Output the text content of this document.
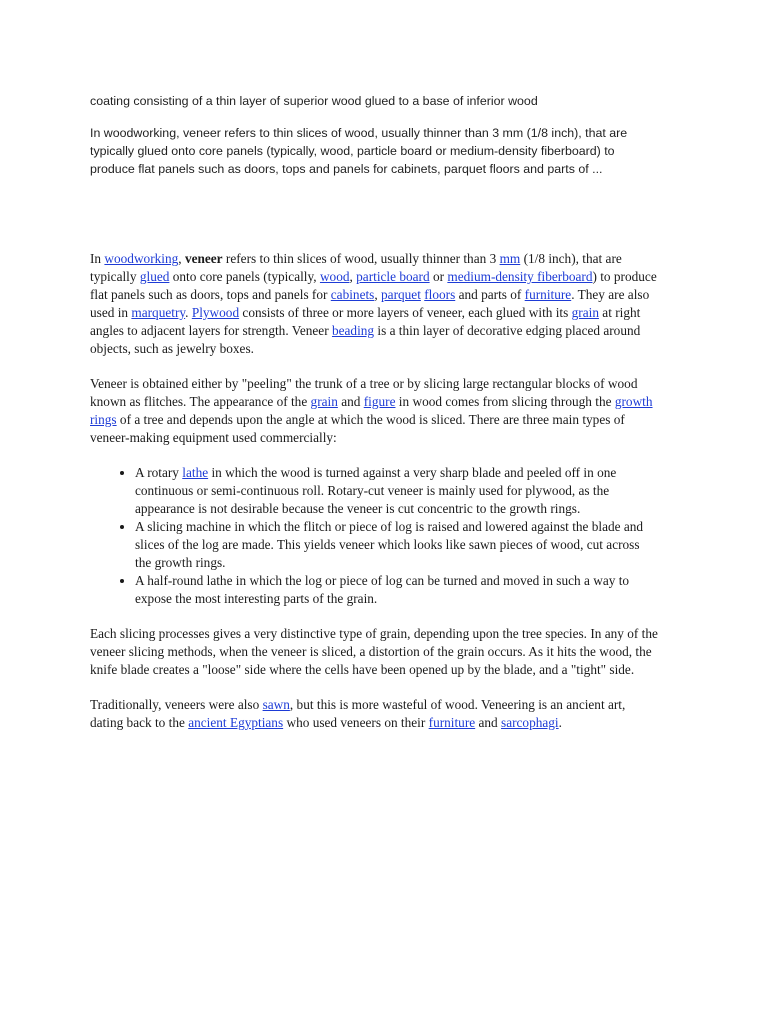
coating consisting of a thin layer of superior wood glued to a base of inferior wood

In woodworking, veneer refers to thin slices of wood, usually thinner than 3 mm (1/8 inch), that are typically glued onto core panels (typically, wood, particle board or medium-density fiberboard) to produce flat panels such as doors, tops and panels for cabinets, parquet floors and parts of ...

In woodworking, veneer refers to thin slices of wood, usually thinner than 3 mm (1/8 inch), that are typically glued onto core panels (typically, wood, particle board or medium-density fiberboard) to produce flat panels such as doors, tops and panels for cabinets, parquet floors and parts of furniture. They are also used in marquetry. Plywood consists of three or more layers of veneer, each glued with its grain at right angles to adjacent layers for strength. Veneer beading is a thin layer of decorative edging placed around objects, such as jewelry boxes.

Veneer is obtained either by "peeling" the trunk of a tree or by slicing large rectangular blocks of wood known as flitches. The appearance of the grain and figure in wood comes from slicing through the growth rings of a tree and depends upon the angle at which the wood is sliced. There are three main types of veneer-making equipment used commercially:

• A rotary lathe in which the wood is turned against a very sharp blade and peeled off in one continuous or semi-continuous roll. Rotary-cut veneer is mainly used for plywood, as the appearance is not desirable because the veneer is cut concentric to the growth rings.
• A slicing machine in which the flitch or piece of log is raised and lowered against the blade and slices of the log are made. This yields veneer which looks like sawn pieces of wood, cut across the growth rings.
• A half-round lathe in which the log or piece of log can be turned and moved in such a way to expose the most interesting parts of the grain.

Each slicing processes gives a very distinctive type of grain, depending upon the tree species. In any of the veneer slicing methods, when the veneer is sliced, a distortion of the grain occurs. As it hits the wood, the knife blade creates a "loose" side where the cells have been opened up by the blade, and a "tight" side.

Traditionally, veneers were also sawn, but this is more wasteful of wood. Veneering is an ancient art, dating back to the ancient Egyptians who used veneers on their furniture and sarcophagi.
